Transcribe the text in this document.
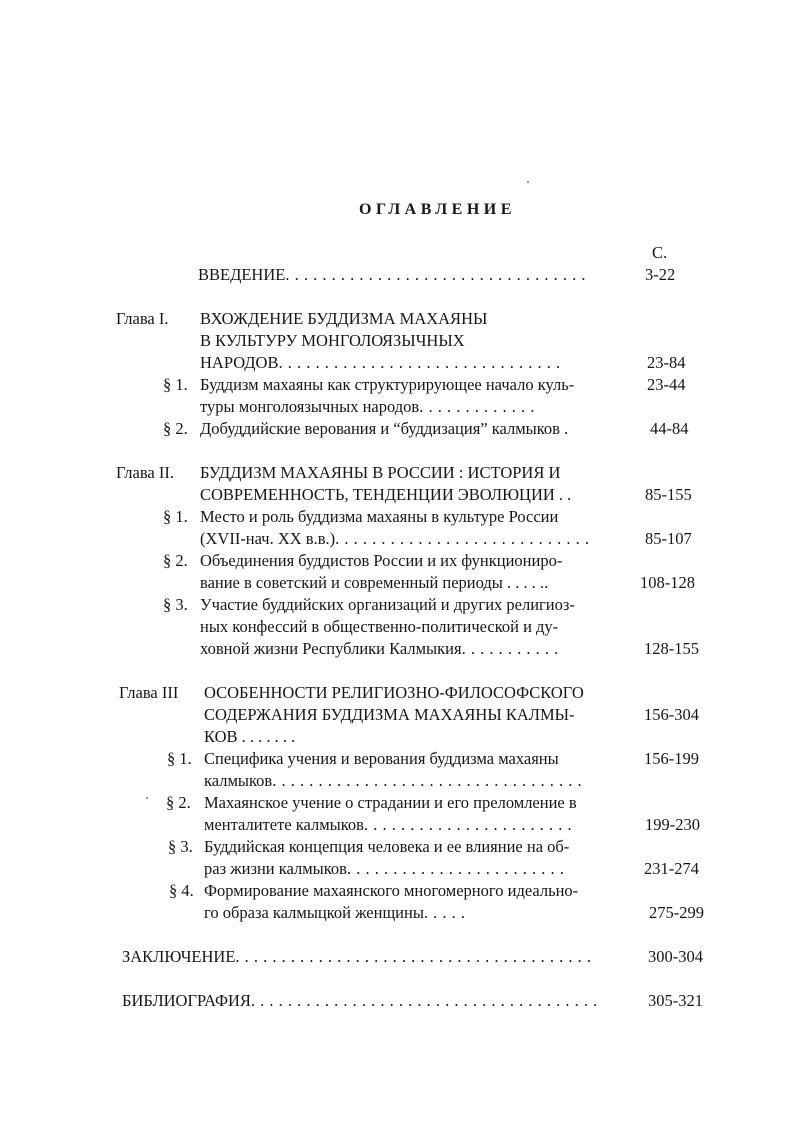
ОГЛАВЛЕНИЕ
С.
ВВЕДЕНИЕ. . . . . . . . . . . . . . . . . . . . . . . . . . . . . . . . .	3-22
Глава I. ВХОЖДЕНИЕ БУДДИЗМА МАХАЯНЫ
В КУЛЬТУРУ МОНГОЛОЯЗЫЧНЫХ
НАРОДОВ. . . . . . . . . . . . . . . . . . . . . . . . . . . . . . .	23-84
§ 1. Буддизм махаяны как структурирующее начало куль-	23-44
туры монголоязычных народов. . . . . . . . . . . . .
§ 2. Добуддийские верования и “буддизация” калмыков .	44-84
Глава II. БУДДИЗМ МАХАЯНЫ В РОССИИ : ИСТОРИЯ И
СОВРЕМЕННОСТЬ, ТЕНДЕНЦИИ ЭВОЛЮЦИИ . .	85-155
§ 1. Место и роль буддизма махаяны в культуре России
(XVII-нач. XX в.в.). . . . . . . . . . . . . . . . . . . . . . . . . . . .	85-107
§ 2. Объединения буддистов России и их функциониро-
вание в советский и современный периоды . . . . ..	108-128
§ 3. Участие буддийских организаций и других религиоз-
ных конфессий в общественно-политической и ду-
ховной жизни Республики Калмыкия. . . . . . . . . . .	128-155
Глава III ОСОБЕННОСТИ РЕЛИГИОЗНО-ФИЛОСОФСКОГО
СОДЕРЖАНИЯ БУДДИЗМА МАХАЯНЫ КАЛМЫ-	156-304
КОВ . . . . . . .
§ 1. Специфика учения и верования буддизма махаяны	156-199
калмыков. . . . . . . . . . . . . . . . . . . . . . . . . . . . . . . . . .
§ 2. Махаянское учение о страдании и его преломление в
менталитете калмыков. . . . . . . . . . . . . . . . . . . . . . .	199-230
§ 3. Буддийская концепция человека и ее влияние на об-
раз жизни калмыков. . . . . . . . . . . . . . . . . . . . . . . .	231-274
§ 4. Формирование махаянского многомерного идеально-
го образа калмыцкой женщины. . . . .	275-299
ЗАКЛЮЧЕНИЕ. . . . . . . . . . . . . . . . . . . . . . . . . . . . . . . . . . . . . . .	300-304
БИБЛИОГРАФИЯ. . . . . . . . . . . . . . . . . . . . . . . . . . . . . . . . . . . . . .	305-321
